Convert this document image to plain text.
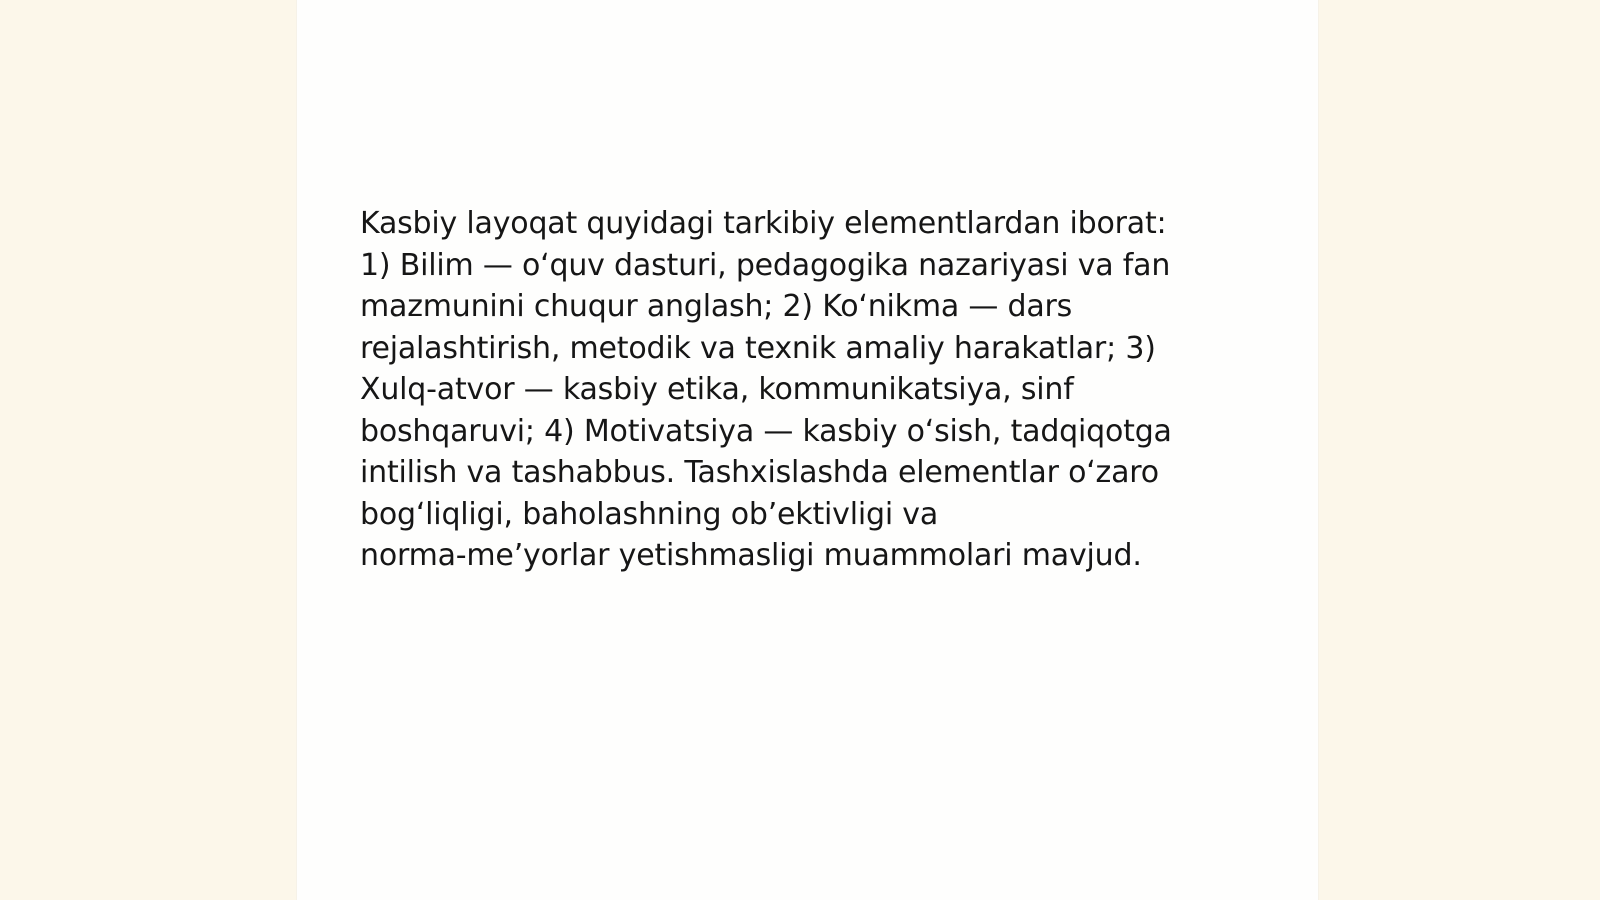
Kasbiy layoqat quyidagi tarkibiy elementlardan iborat:
1) Bilim — o‘quv dasturi, pedagogika nazariyasi va fan
mazmunini chuqur anglash; 2) Ko‘nikma — dars
rejalashtirish, metodik va texnik amaliy harakatlar; 3)
Xulq-atvor — kasbiy etika, kommunikatsiya, sinf
boshqaruvi; 4) Motivatsiya — kasbiy o‘sish, tadqiqotga
intilish va tashabbus. Tashxislashda elementlar o‘zaro
bog‘liqligi, baholashning ob’ektivligi va
norma-me’yorlar yetishmasligi muammolari mavjud.
